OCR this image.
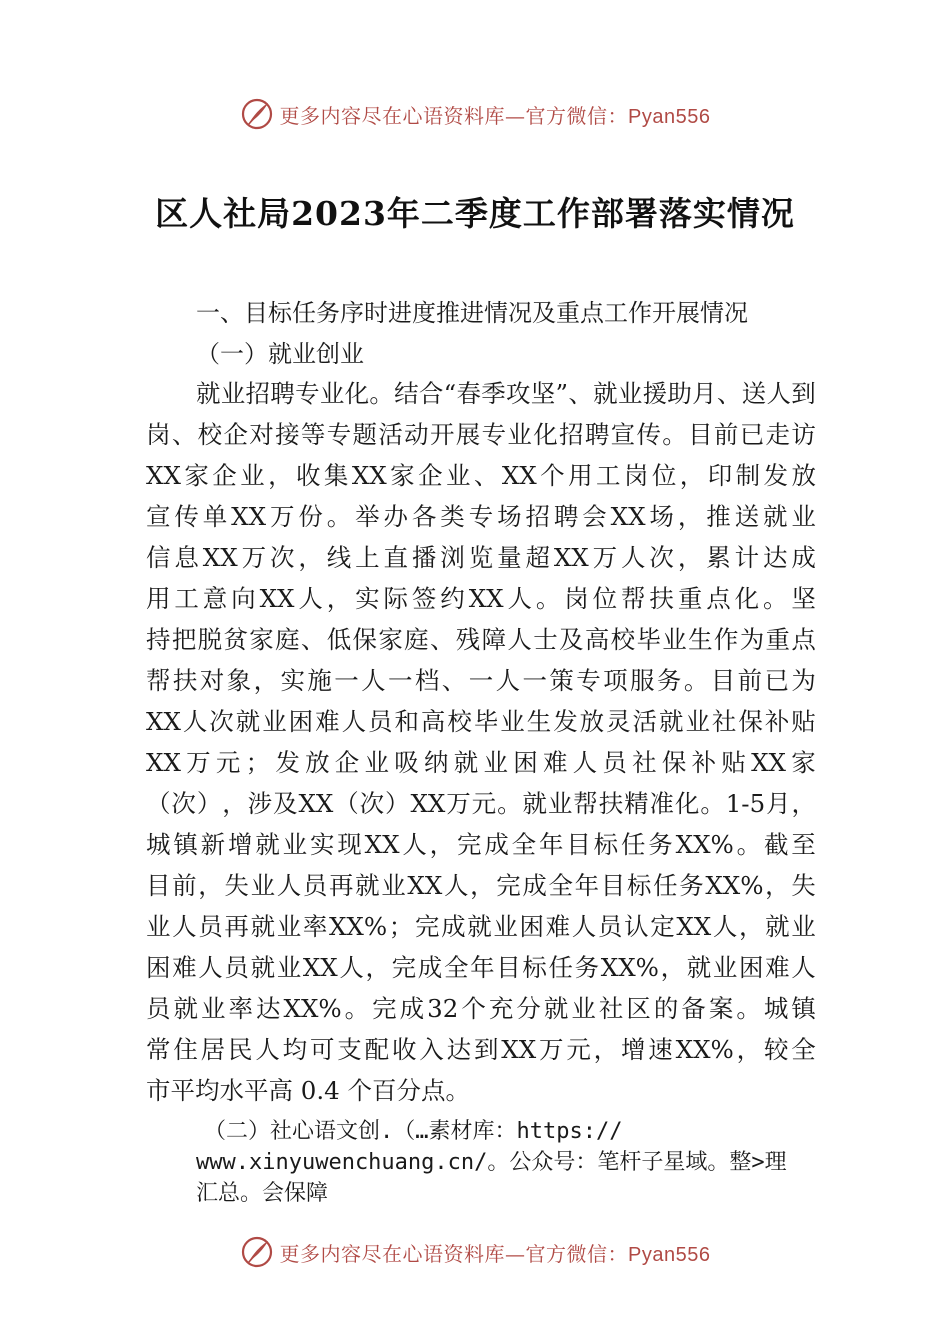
更多内容尽在心语资料库—官方微信：Pyan556
区人社局2023年二季度工作部署落实情况
一、目标任务序时进度推进情况及重点工作开展情况
（一）就业创业
就 业 招 聘 专 业 化 。 结 合 “ 春 季 攻 坚 ” 、 就 业 援 助 月 、 送 人 到
岗 、 校 企 对 接 等 专 题 活 动 开 展 专 业 化 招 聘 宣 传 。 目 前 已 走 访
XX 家 企 业 ， 收 集 XX 家 企 业 、 XX 个 用 工 岗 位 ， 印 制 发 放
宣 传 单 XX 万 份 。 举 办 各 类 专 场 招 聘 会 XX 场 ， 推 送 就 业
信 息 XX 万 次 ， 线 上 直 播 浏 览 量 超 XX 万 人 次 ， 累 计 达 成
用 工 意 向 XX 人 ， 实 际 签 约 XX 人 。 岗 位 帮 扶 重 点 化 。 坚
持 把 脱 贫 家 庭 、 低 保 家 庭 、 残 障 人 士 及 高 校 毕 业 生 作 为 重 点
帮 扶 对 象 ， 实 施 一 人 一 档 、 一 人 一 策 专 项 服 务 。 目 前 已 为
XX 人 次 就 业 困 难 人 员 和 高 校 毕 业 生 发 放 灵 活 就 业 社 保 补 贴
XX 万 元 ； 发 放 企 业 吸 纳 就 业 困 难 人 员 社 保 补 贴 XX 家
（ 次 ） ， 涉 及 XX （ 次 ） XX 万 元 。 就 业 帮 扶 精 准 化 。 1-5 月 ，
城 镇 新 增 就 业 实 现 XX 人 ， 完 成 全 年 目 标 任 务 XX% 。 截 至
目 前 ， 失 业 人 员 再 就 业 XX 人 ， 完 成 全 年 目 标 任 务 XX% ， 失
业 人 员 再 就 业 率 XX% ； 完 成 就 业 困 难 人 员 认 定 XX 人 ， 就 业
困 难 人 员 就 业 XX 人 ， 完 成 全 年 目 标 任 务 XX% ， 就 业 困 难 人
员 就 业 率 达 XX% 。 完 成 32 个 充 分 就 业 社 区 的 备 案 。 城 镇
常 住 居 民 人 均 可 支 配 收 入 达 到 XX 万 元 ， 增 速 XX% ， 较 全
市平均水平高 0.4 个百分点。
（二）社心语文创.（…素材库：https://
www.xinyuwenchuang.cn/。公众号：笔杆子星域。整>理
汇总。会保障
更多内容尽在心语资料库—官方微信：Pyan556
